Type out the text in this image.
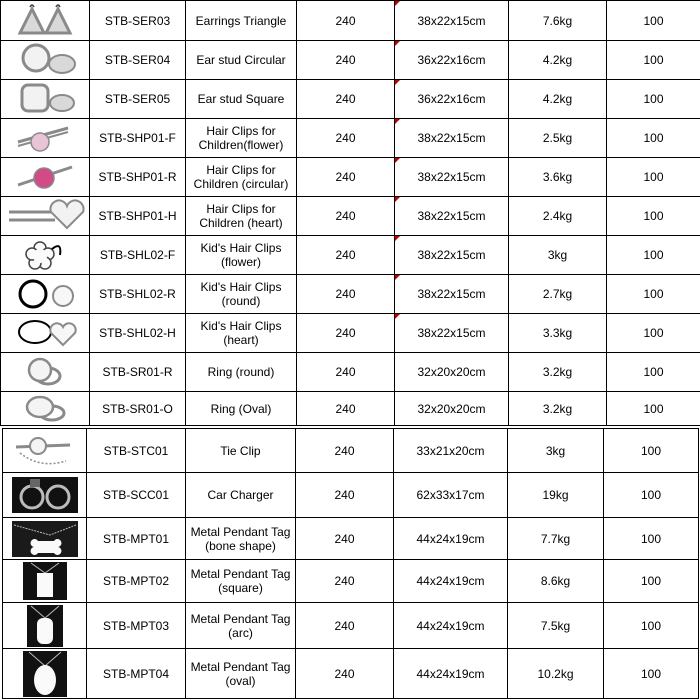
	STB-SER03	Earrings Triangle	240	38x22x15cm	7.6kg	100

	STB-SER04	Ear stud Circular	240	36x22x16cm	4.2kg	100

	STB-SER05	Ear stud Square	240	36x22x16cm	4.2kg	100

	STB-SHP01-F	Hair Clips for Children(flower)	240	38x22x15cm	2.5kg	100

	STB-SHP01-R	Hair Clips for Children (circular)	240	38x22x15cm	3.6kg	100

	STB-SHP01-H	Hair Clips for Children (heart)	240	38x22x15cm	2.4kg	100

	STB-SHL02-F	Kid's Hair Clips (flower)	240	38x22x15cm	3kg	100

	STB-SHL02-R	Kid's Hair Clips (round)	240	38x22x15cm	2.7kg	100

	STB-SHL02-H	Kid's Hair Clips (heart)	240	38x22x15cm	3.3kg	100

	STB-SR01-R	Ring (round)	240	32x20x20cm	3.2kg	100

	STB-SR01-O	Ring (Oval)	240	32x20x20cm	3.2kg	100
	STB-STC01	Tie Clip	240	33x21x20cm	3kg	100

	STB-SCC01	Car Charger	240	62x33x17cm	19kg	100

	STB-MPT01	Metal Pendant Tag (bone shape)	240	44x24x19cm	7.7kg	100

	STB-MPT02	Metal Pendant Tag (square)	240	44x24x19cm	8.6kg	100

	STB-MPT03	Metal Pendant Tag (arc)	240	44x24x19cm	7.5kg	100

	STB-MPT04	Metal Pendant Tag (oval)	240	44x24x19cm	10.2kg	100
